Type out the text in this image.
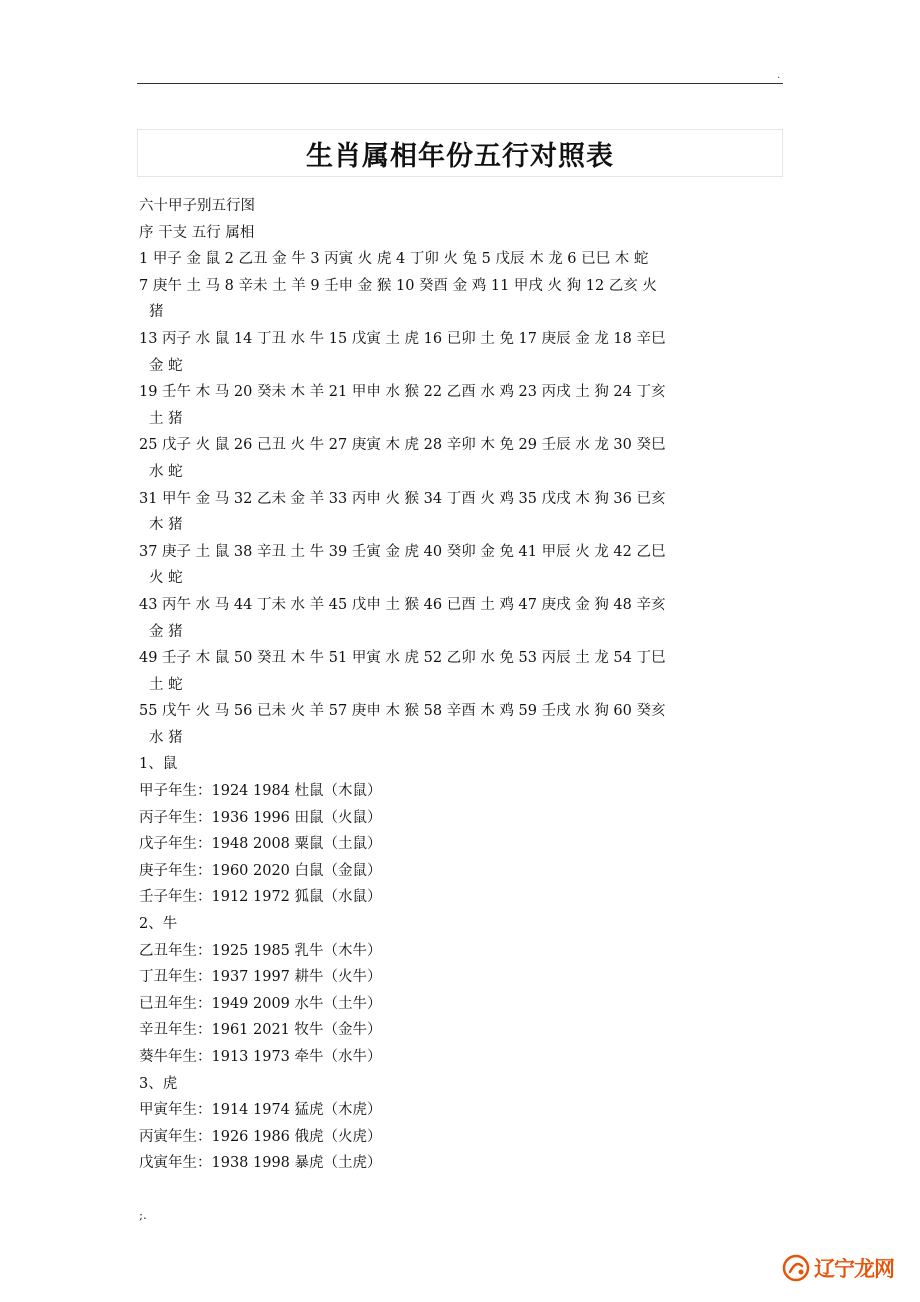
.
生肖属相年份五行对照表
六十甲子别五行图
序 干支 五行 属相
1 甲子 金 鼠 2 乙丑 金 牛 3 丙寅 火 虎 4 丁卯 火 兔 5 戊辰 木 龙 6 已巳 木 蛇
7 庚午 土 马 8 辛未 土 羊 9 壬申 金 猴 10 癸酉 金 鸡 11 甲戌 火 狗 12 乙亥 火
猪
13 丙子 水 鼠 14 丁丑 水 牛 15 戊寅 土 虎 16 已卯 土 免 17 庚辰 金 龙 18 辛巳
金 蛇
19 壬午 木 马 20 癸未 木 羊 21 甲申 水 猴 22 乙酉 水 鸡 23 丙戌 土 狗 24 丁亥
土 猪
25 戊子 火 鼠 26 己丑 火 牛 27 庚寅 木 虎 28 辛卯 木 免 29 壬辰 水 龙 30 癸巳
水 蛇
31 甲午 金 马 32 乙未 金 羊 33 丙申 火 猴 34 丁酉 火 鸡 35 戊戌 木 狗 36 已亥
木 猪
37 庚子 土 鼠 38 辛丑 土 牛 39 壬寅 金 虎 40 癸卯 金 免 41 甲辰 火 龙 42 乙巳
火 蛇
43 丙午 水 马 44 丁未 水 羊 45 戊申 土 猴 46 已酉 土 鸡 47 庚戌 金 狗 48 辛亥
金 猪
49 壬子 木 鼠 50 癸丑 木 牛 51 甲寅 水 虎 52 乙卯 水 免 53 丙辰 土 龙 54 丁巳
土 蛇
55 戊午 火 马 56 已未 火 羊 57 庚申 木 猴 58 辛酉 木 鸡 59 壬戌 水 狗 60 癸亥
水 猪
1、鼠
甲子年生：1924 1984 杜鼠（木鼠）
丙子年生：1936 1996 田鼠（火鼠）
戊子年生：1948 2008 粟鼠（土鼠）
庚子年生：1960 2020 白鼠（金鼠）
壬子年生：1912 1972 狐鼠（水鼠）
2、牛
乙丑年生：1925 1985 乳牛（木牛）
丁丑年生：1937 1997 耕牛（火牛）
已丑年生：1949 2009 水牛（土牛）
辛丑年生：1961 2021 牧牛（金牛）
葵牛年生：1913 1973 牵牛（水牛）
3、虎
甲寅年生：1914 1974 猛虎（木虎）
丙寅年生：1926 1986 俄虎（火虎）
戊寅年生：1938 1998 暴虎（土虎）
;.
辽宁龙网
